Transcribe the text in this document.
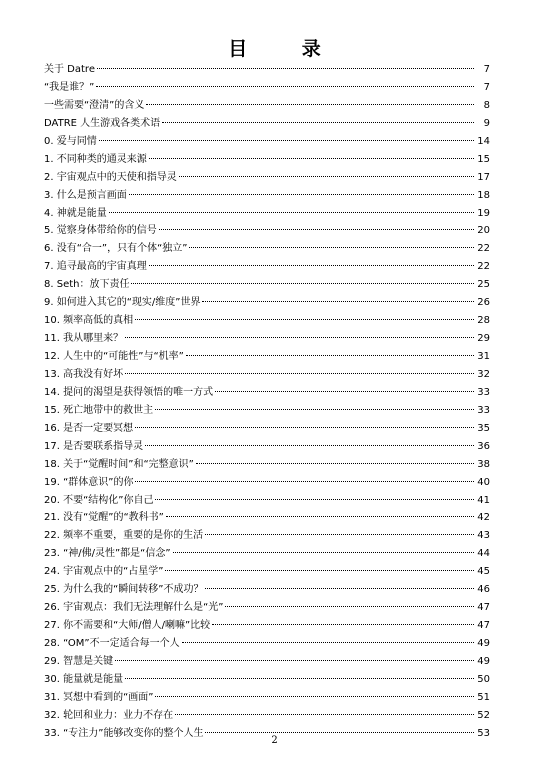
目 录
关于 Datre	7
“我是谁？”	7
一些需要“澄清”的含义	8
DATRE 人生游戏各类术语	9
0. 爱与同情	14
1. 不同种类的通灵来源	15
2. 宇宙观点中的天使和指导灵	17
3. 什么是预言画面	18
4. 神就是能量	19
5. 觉察身体带给你的信号	20
6. 没有“合一”，只有个体“独立”	22
7. 追寻最高的宇宙真理	22
8. Seth：放下责任	25
9. 如何进入其它的“现实/维度”世界	26
10. 频率高低的真相	28
11. 我从哪里来？	29
12. 人生中的“可能性”与“机率”	31
13. 高我没有好坏	32
14. 提问的渴望是获得领悟的唯一方式	33
15. 死亡地带中的救世主	33
16. 是否一定要冥想	35
17. 是否要联系指导灵	36
18. 关于“觉醒时间”和“完整意识”	38
19. “群体意识”的你	40
20. 不要“结构化”你自己	41
21. 没有“觉醒”的“教科书”	42
22. 频率不重要，重要的是你的生活	43
23. “神/佛/灵性”都是“信念”	44
24. 宇宙观点中的“占星学”	45
25. 为什么我的“瞬间转移”不成功？	46
26. 宇宙观点：我们无法理解什么是“光”	47
27. 你不需要和“大师/僧人/喇嘛”比较	47
28. “OM”不一定适合每一个人	49
29. 智慧是关键	49
30. 能量就是能量	50
31. 冥想中看到的“画面”	51
32. 轮回和业力：业力不存在	52
33. “专注力”能够改变你的整个人生	53
2
